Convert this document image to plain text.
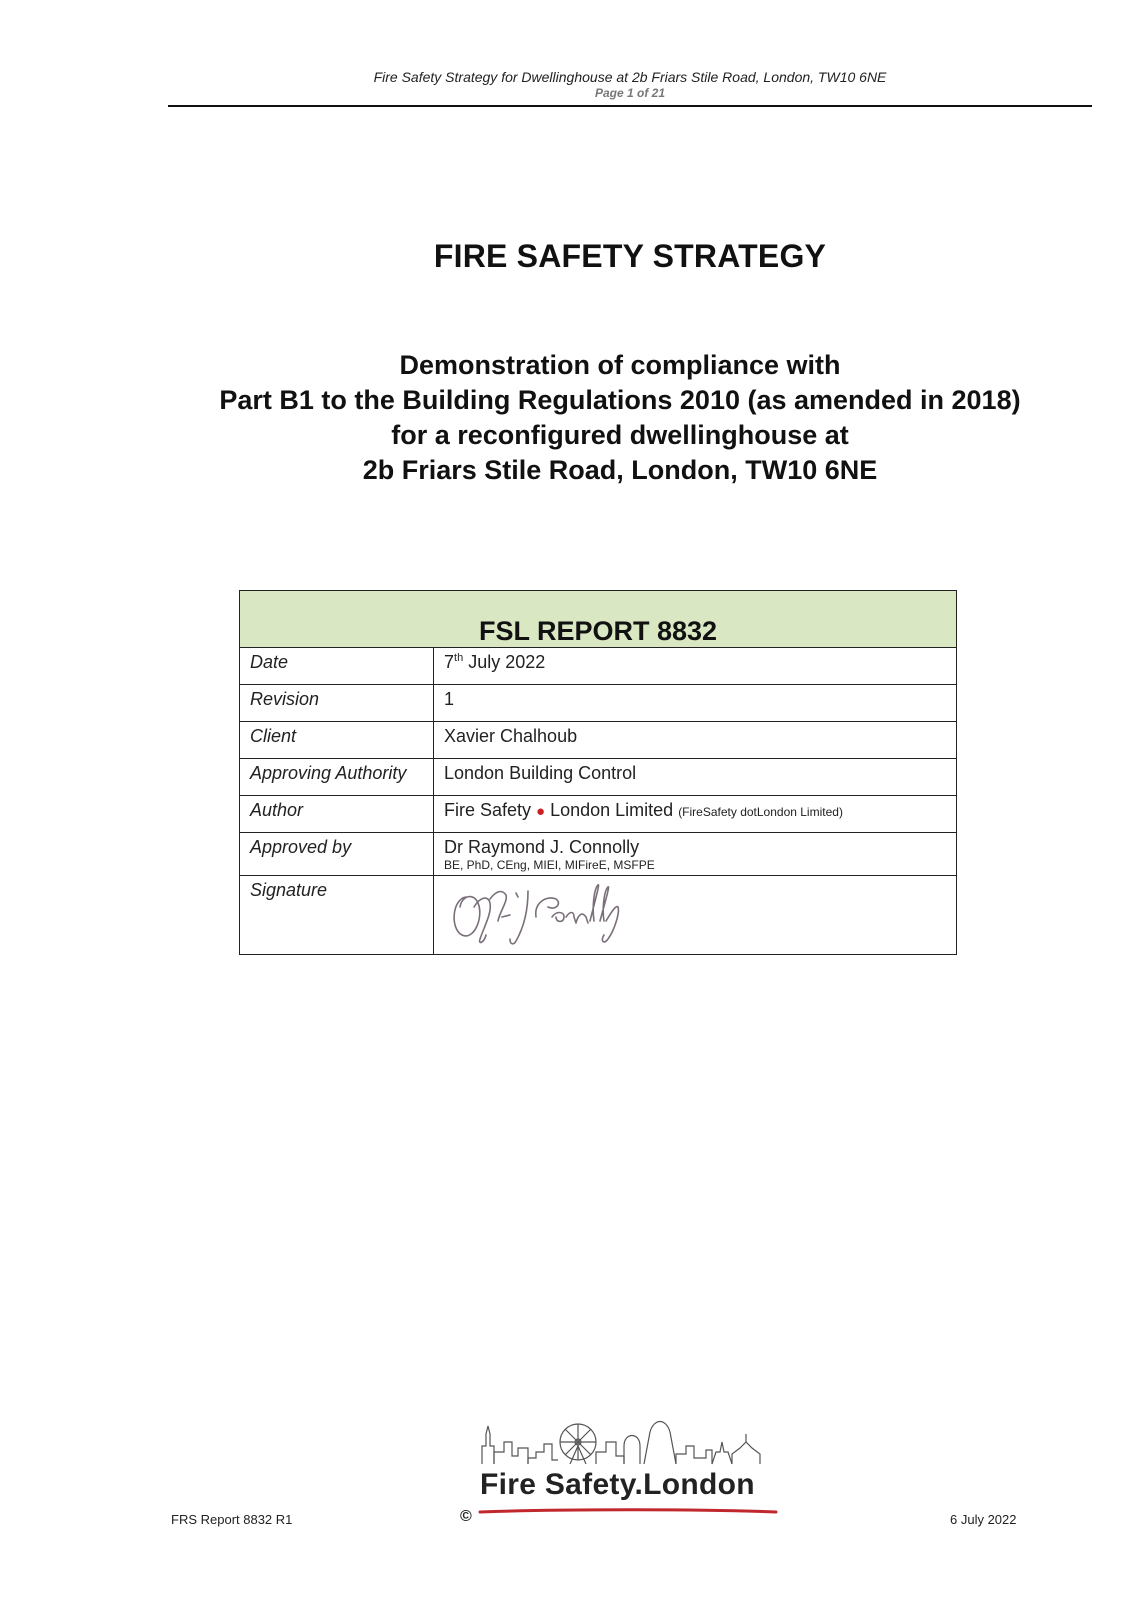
Fire Safety Strategy for Dwellinghouse at 2b Friars Stile Road, London, TW10 6NE
Page 1 of 21
FIRE SAFETY STRATEGY
Demonstration of compliance with
Part B1 to the Building Regulations 2010 (as amended in 2018)
for a reconfigured dwellinghouse at
2b Friars Stile Road, London, TW10 6NE
FSL REPORT 8832	
Date	7th July 2022
Revision	1
Client	Xavier Chalhoub
Approving Authority	London Building Control
Author	Fire Safety ● London Limited (FireSafety dotLondon Limited)
Approved by	Dr Raymond J. Connolly
BE, PhD, CEng, MIEI, MIFireE, MSFPE

Signature	
FRS Report 8832 R1	©
Fire Safety.London
6 July 2022
